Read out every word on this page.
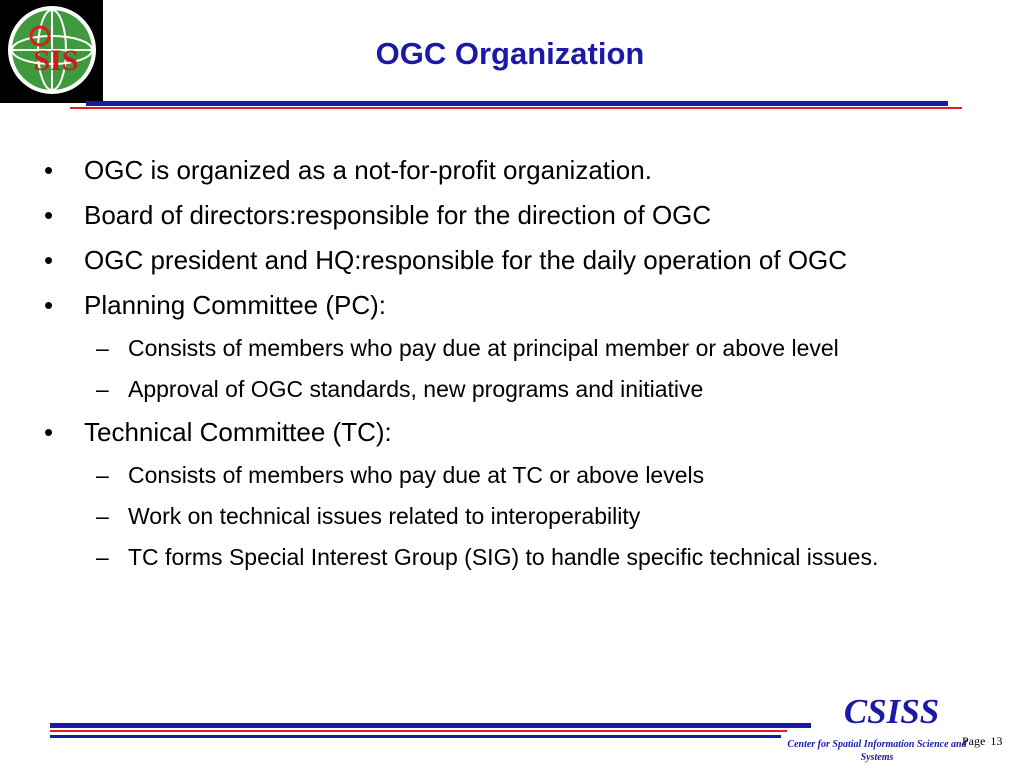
SIS	OGC Organization
•	OGC is organized as a not-for-profit organization.
•	Board of directors:responsible for the direction of OGC
•	OGC president and HQ:responsible for the daily operation of OGC
•	Planning Committee (PC):
– Consists of members who pay due at principal member or above level
– Approval of OGC standards, new programs and initiative
•	Technical Committee (TC):
– Consists of members who pay due at TC or above levels
– Work on technical issues related to interoperability
– TC forms Special Interest Group (SIG) to handle specific technical issues.
CSISS
Center for Spatial Information Science and Systems
Page 13
